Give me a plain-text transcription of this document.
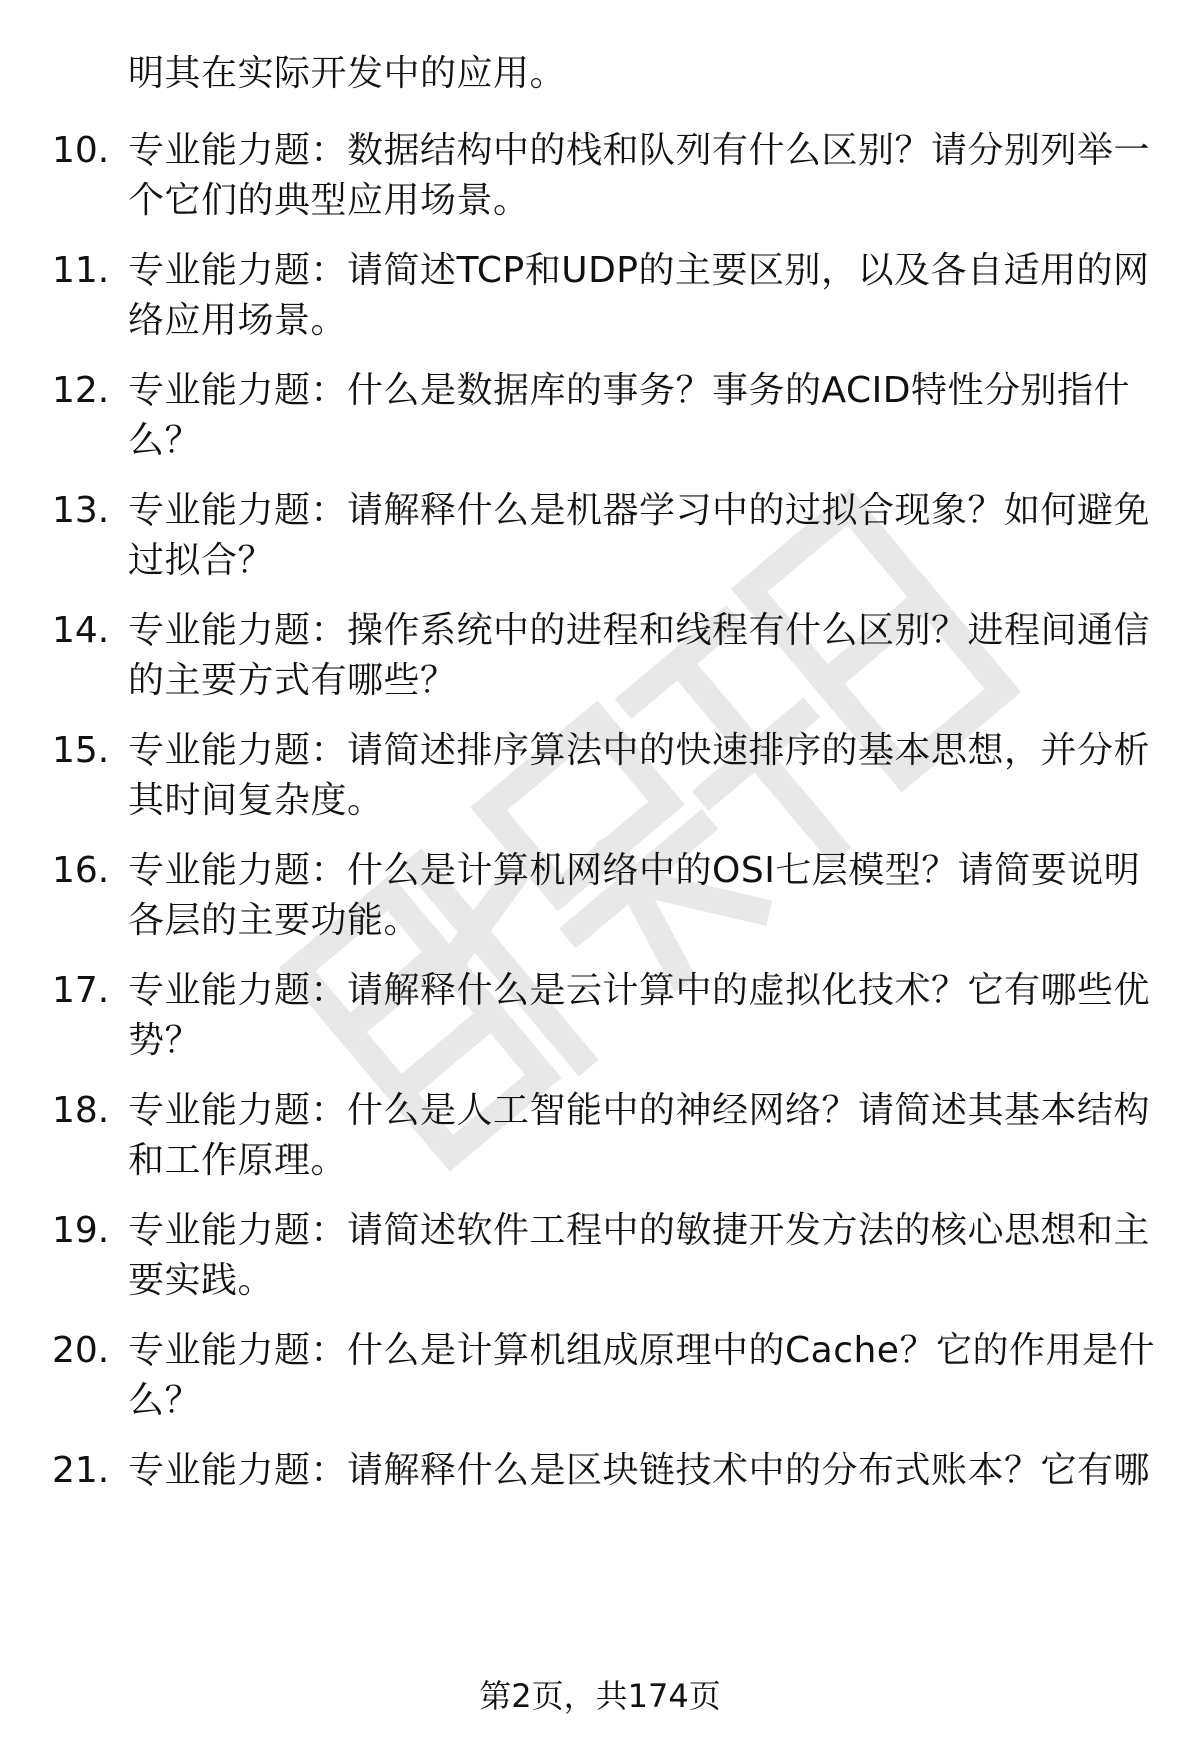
明其在实际开发中的应用。
10. 专业能力题：数据结构中的栈和队列有什么区别？请分别列举一
个它们的典型应用场景。
11. 专业能力题：请简述TCP和UDP的主要区别，以及各自适用的网
络应用场景。
12. 专业能力题：什么是数据库的事务？事务的ACID特性分别指什
么？
13. 专业能力题：请解释什么是机器学习中的过拟合现象？如何避免
过拟合？
14. 专业能力题：操作系统中的进程和线程有什么区别？进程间通信
的主要方式有哪些？
15. 专业能力题：请简述排序算法中的快速排序的基本思想，并分析
其时间复杂度。
16. 专业能力题：什么是计算机网络中的OSI七层模型？请简要说明
各层的主要功能。
17. 专业能力题：请解释什么是云计算中的虚拟化技术？它有哪些优
势？
18. 专业能力题：什么是人工智能中的神经网络？请简述其基本结构
和工作原理。
19. 专业能力题：请简述软件工程中的敏捷开发方法的核心思想和主
要实践。
20. 专业能力题：什么是计算机组成原理中的Cache？它的作用是什
么？
21. 专业能力题：请解释什么是区块链技术中的分布式账本？它有哪
第2页，共174页
